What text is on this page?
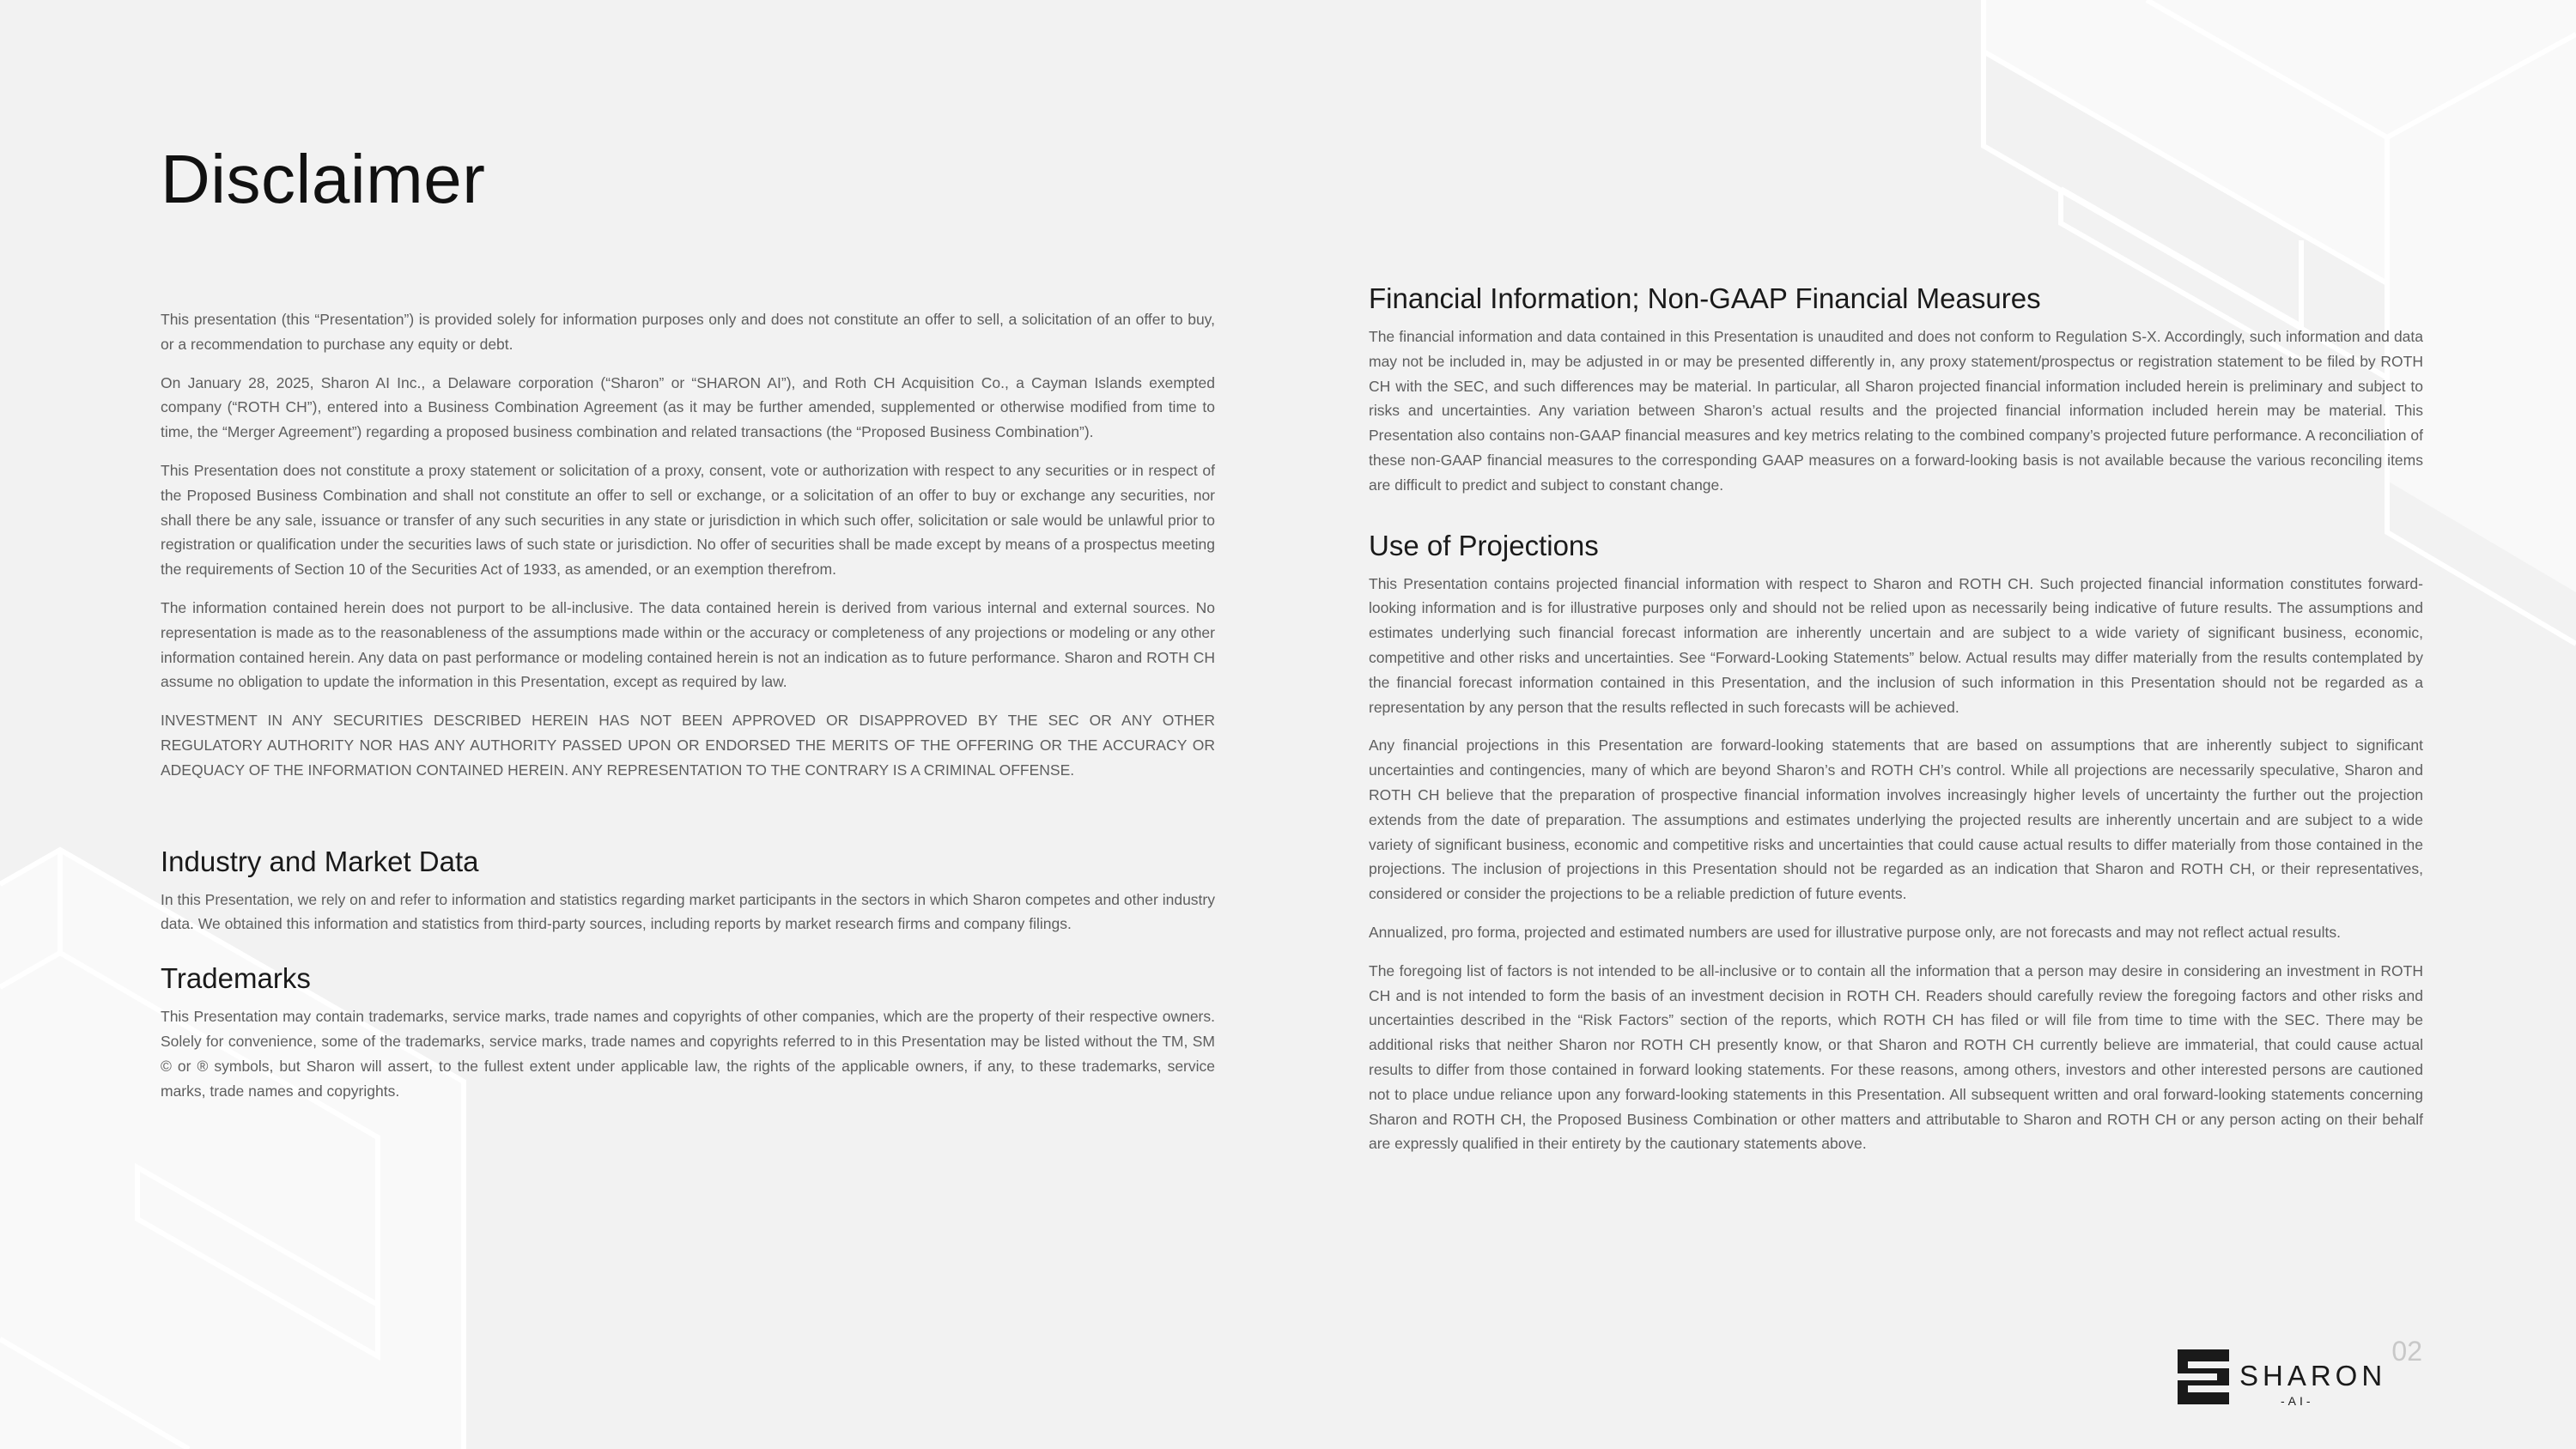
Disclaimer

This presentation (this “Presentation”) is provided solely for information purposes only and does not constitute an offer to sell, a solicitation of an offer to buy, or a recommendation to purchase any equity or debt.

On January 28, 2025, Sharon AI Inc., a Delaware corporation (“Sharon” or “SHARON AI”), and Roth CH Acquisition Co., a Cayman Islands exempted company (“ROTH CH”), entered into a Business Combination Agreement (as it may be further amended, supplemented or otherwise modified from time to time, the “Merger Agreement”) regarding a proposed business combination and related transactions (the “Proposed Business Combination”).

This Presentation does not constitute a proxy statement or solicitation of a proxy, consent, vote or authorization with respect to any securities or in respect of the Proposed Business Combination and shall not constitute an offer to sell or exchange, or a solicitation of an offer to buy or exchange any securities, nor shall there be any sale, issuance or transfer of any such securities in any state or jurisdiction in which such offer, solicitation or sale would be unlawful prior to registration or qualification under the securities laws of such state or jurisdiction. No offer of securities shall be made except by means of a prospectus meeting the requirements of Section 10 of the Securities Act of 1933, as amended, or an exemption therefrom.

The information contained herein does not purport to be all-inclusive. The data contained herein is derived from various internal and external sources. No representation is made as to the reasonableness of the assumptions made within or the accuracy or completeness of any projections or modeling or any other information contained herein. Any data on past performance or modeling contained herein is not an indication as to future performance. Sharon and ROTH CH assume no obligation to update the information in this Presentation, except as required by law.

INVESTMENT IN ANY SECURITIES DESCRIBED HEREIN HAS NOT BEEN APPROVED OR DISAPPROVED BY THE SEC OR ANY OTHER REGULATORY AUTHORITY NOR HAS ANY AUTHORITY PASSED UPON OR ENDORSED THE MERITS OF THE OFFERING OR THE ACCURACY OR ADEQUACY OF THE INFORMATION CONTAINED HEREIN. ANY REPRESENTATION TO THE CONTRARY IS A CRIMINAL OFFENSE.

Industry and Market Data

In this Presentation, we rely on and refer to information and statistics regarding market participants in the sectors in which Sharon competes and other industry data. We obtained this information and statistics from third-party sources, including reports by market research firms and company filings.

Trademarks

This Presentation may contain trademarks, service marks, trade names and copyrights of other companies, which are the property of their respective owners. Solely for convenience, some of the trademarks, service marks, trade names and copyrights referred to in this Presentation may be listed without the TM, SM © or ® symbols, but Sharon will assert, to the fullest extent under applicable law, the rights of the applicable owners, if any, to these trademarks, service marks, trade names and copyrights.

Financial Information; Non-GAAP Financial Measures

The financial information and data contained in this Presentation is unaudited and does not conform to Regulation S-X. Accordingly, such information and data may not be included in, may be adjusted in or may be presented differently in, any proxy statement/prospectus or registration statement to be filed by ROTH CH with the SEC, and such differences may be material. In particular, all Sharon projected financial information included herein is preliminary and subject to risks and uncertainties. Any variation between Sharon’s actual results and the projected financial information included herein may be material. This Presentation also contains non-GAAP financial measures and key metrics relating to the combined company’s projected future performance. A reconciliation of these non-GAAP financial measures to the corresponding GAAP measures on a forward-looking basis is not available because the various reconciling items are difficult to predict and subject to constant change.

Use of Projections

This Presentation contains projected financial information with respect to Sharon and ROTH CH. Such projected financial information constitutes forward-looking information and is for illustrative purposes only and should not be relied upon as necessarily being indicative of future results. The assumptions and estimates underlying such financial forecast information are inherently uncertain and are subject to a wide variety of significant business, economic, competitive and other risks and uncertainties. See “Forward-Looking Statements” below. Actual results may differ materially from the results contemplated by the financial forecast information contained in this Presentation, and the inclusion of such information in this Presentation should not be regarded as a representation by any person that the results reflected in such forecasts will be achieved.

Any financial projections in this Presentation are forward-looking statements that are based on assumptions that are inherently subject to significant uncertainties and contingencies, many of which are beyond Sharon’s and ROTH CH’s control. While all projections are necessarily speculative, Sharon and ROTH CH believe that the preparation of prospective financial information involves increasingly higher levels of uncertainty the further out the projection extends from the date of preparation. The assumptions and estimates underlying the projected results are inherently uncertain and are subject to a wide variety of significant business, economic and competitive risks and uncertainties that could cause actual results to differ materially from those contained in the projections. The inclusion of projections in this Presentation should not be regarded as an indication that Sharon and ROTH CH, or their representatives, considered or consider the projections to be a reliable prediction of future events.

Annualized, pro forma, projected and estimated numbers are used for illustrative purpose only, are not forecasts and may not reflect actual results.

The foregoing list of factors is not intended to be all-inclusive or to contain all the information that a person may desire in considering an investment in ROTH CH and is not intended to form the basis of an investment decision in ROTH CH. Readers should carefully review the foregoing factors and other risks and uncertainties described in the “Risk Factors” section of the reports, which ROTH CH has filed or will file from time to time with the SEC. There may be additional risks that neither Sharon nor ROTH CH presently know, or that Sharon and ROTH CH currently believe are immaterial, that could cause actual results to differ from those contained in forward looking statements. For these reasons, among others, investors and other interested persons are cautioned not to place undue reliance upon any forward-looking statements in this Presentation. All subsequent written and oral forward-looking statements concerning Sharon and ROTH CH, the Proposed Business Combination or other matters and attributable to Sharon and ROTH CH or any person acting on their behalf are expressly qualified in their entirety by the cautionary statements above.

02
SHARON
-AI-
